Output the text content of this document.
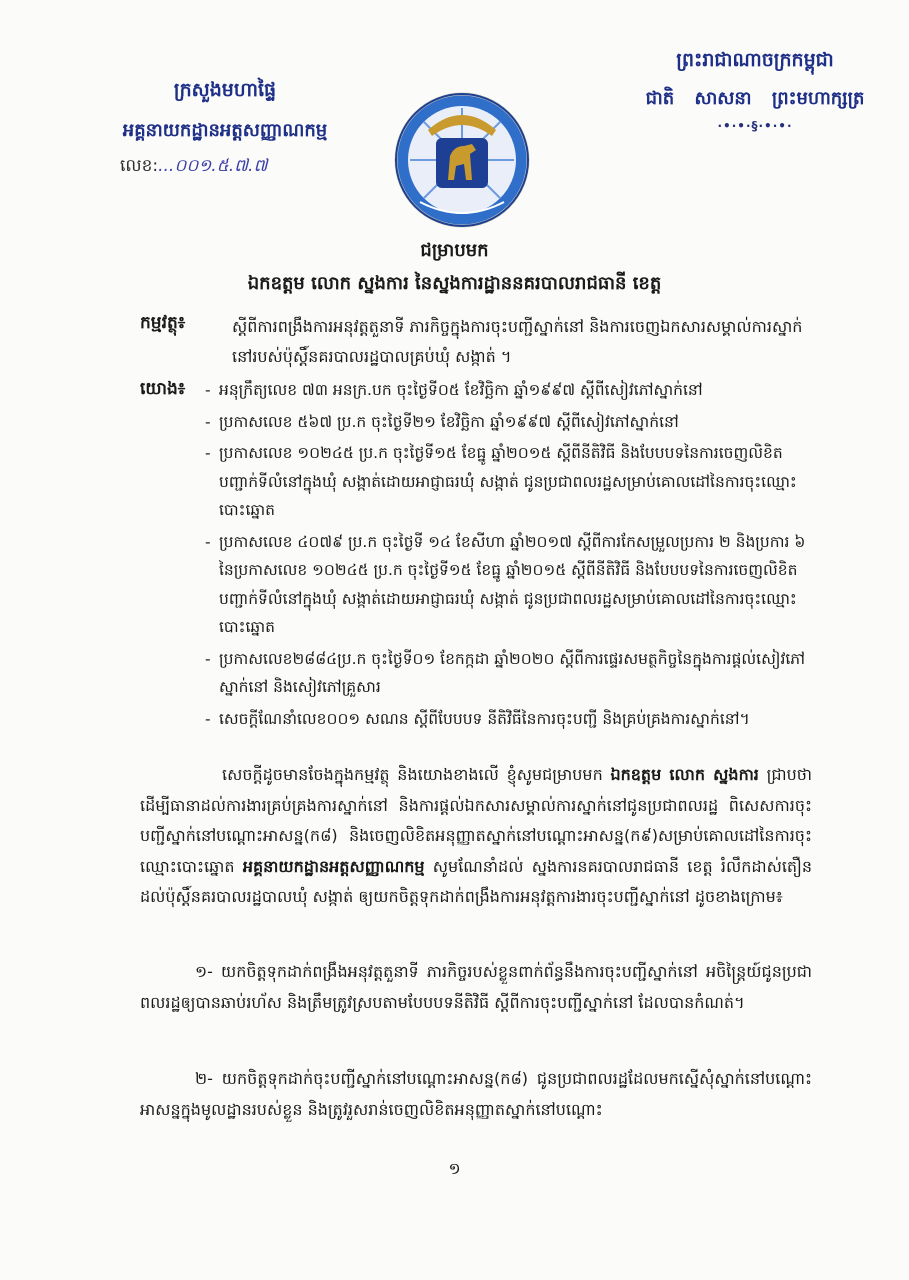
ក្រសួងមហាផ្ទៃ
អគ្គនាយកដ្ឋានអត្តសញ្ញាណកម្ម
លេខ:...០០១.៥.៧.៧
ព្រះរាជាណាចក្រកម្ពុជា
ជាតិ សាសនា ព្រះមហាក្សត្រ
·•·•·§·•·•·
ជម្រាបមក
ឯកឧត្តម លោក ស្នងការ នៃស្នងការដ្ឋាននគរបាលរាជធានី ខេត្ត
កម្មវត្ថុ៖	ស្តីពីការពង្រឹងការអនុវត្តតួនាទី ភារកិច្ចក្នុងការចុះបញ្ជីស្នាក់នៅ និងការចេញឯកសារសម្គាល់ការស្នាក់នៅរបស់ប៉ុស្តិ៍នគរបាលរដ្ឋបាលគ្រប់ឃុំ សង្កាត់ ។
យោង៖
-	អនុក្រឹត្យលេខ ៧៣ អនក្រ.បក ចុះថ្ងៃទី០៥ ខែវិច្ឆិកា ឆ្នាំ១៩៩៧ ស្តីពីសៀវភៅស្នាក់នៅ
- ប្រកាសលេខ ៥៦៧ ប្រ.ក ចុះថ្ងៃទី២១ ខែវិច្ឆិកា ឆ្នាំ១៩៩៧ ស្តីពីសៀវភៅស្នាក់នៅ
- ប្រកាសលេខ ១០២៤៥ ប្រ.ក ចុះថ្ងៃទី១៥ ខែធ្នូ ឆ្នាំ២០១៥ ស្តីពីនីតិវិធី និងបែបបទនៃការចេញលិខិតបញ្ជាក់ទីលំនៅក្នុងឃុំ សង្កាត់ដោយអាជ្ញាធរឃុំ សង្កាត់ ជូនប្រជាពលរដ្ឋសម្រាប់គោលដៅនៃការចុះឈ្មោះបោះឆ្នោត
- ប្រកាសលេខ ៤០៧៩ ប្រ.ក ចុះថ្ងៃទី ១៤ ខែសីហា ឆ្នាំ២០១៧ ស្តីពីការកែសម្រួលប្រការ ២ និងប្រការ ៦ នៃប្រកាសលេខ ១០២៤៥ ប្រ.ក ចុះថ្ងៃទី១៥ ខែធ្នូ ឆ្នាំ២០១៥ ស្តីពីនីតិវិធី និងបែបបទនៃការចេញលិខិតបញ្ជាក់ទីលំនៅក្នុងឃុំ សង្កាត់ដោយអាជ្ញាធរឃុំ សង្កាត់ ជូនប្រជាពលរដ្ឋសម្រាប់គោលដៅនៃការចុះឈ្មោះបោះឆ្នោត
- ប្រកាសលេខ២៨៨៤ប្រ.ក ចុះថ្ងៃទី០១ ខែកក្កដា ឆ្នាំ២០២០ ស្តីពីការផ្ទេរសមត្ថកិច្ចនៃក្នុងការផ្តល់សៀវភៅស្នាក់នៅ និងសៀវភៅគ្រួសារ
- សេចក្តីណែនាំលេខ០០១ សណន ស្តីពីបែបបទ នីតិវិធីនៃការចុះបញ្ជី និងគ្រប់គ្រងការស្នាក់នៅ។
សេចក្តីដូចមានចែងក្នុងកម្មវត្ថុ និងយោងខាងលើ ខ្ញុំសូមជម្រាបមក ឯកឧត្តម លោក ស្នងការ ជ្រាបថា ដើម្បីធានាដល់ការងារគ្រប់គ្រងការស្នាក់នៅ និងការផ្តល់ឯកសារសម្គាល់ការស្នាក់នៅជូនប្រជាពលរដ្ឋ ពិសេសការចុះបញ្ជីស្នាក់នៅបណ្តោះអាសន្ន(ក៨) និងចេញលិខិតអនុញ្ញាតស្នាក់នៅបណ្តោះអាសន្ន(ក៩)សម្រាប់គោលដៅនៃការចុះឈ្មោះបោះឆ្នោត អគ្គនាយកដ្ឋានអត្តសញ្ញាណកម្ម សូមណែនាំដល់ ស្នងការនគរបាលរាជធានី ខេត្ត រំលឹកដាស់តឿនដល់ប៉ុស្តិ៍នគរបាលរដ្ឋបាលឃុំ សង្កាត់ ឲ្យយកចិត្តទុកដាក់ពង្រឹងការអនុវត្តការងារចុះបញ្ជីស្នាក់នៅ ដូចខាងក្រោម៖
១- យកចិត្តទុកដាក់ពង្រឹងអនុវត្តតួនាទី ភារកិច្ចរបស់ខ្លួនពាក់ព័ន្ធនឹងការចុះបញ្ជីស្នាក់នៅ អចិន្ត្រៃយ៍ជូនប្រជាពលរដ្ឋឲ្យបានឆាប់រហ័ស និងត្រឹមត្រូវស្របតាមបែបបទនីតិវិធី ស្តីពីការចុះបញ្ជីស្នាក់នៅ ដែលបានកំណត់។
២- យកចិត្តទុកដាក់ចុះបញ្ជីស្នាក់នៅបណ្តោះអាសន្ន(ក៨) ជូនប្រជាពលរដ្ឋដែលមកស្នើសុំស្នាក់នៅបណ្តោះអាសន្នក្នុងមូលដ្ឋានរបស់ខ្លួន និងត្រូវរួសរាន់ចេញលិខិតអនុញ្ញាតស្នាក់នៅបណ្តោះ
១
